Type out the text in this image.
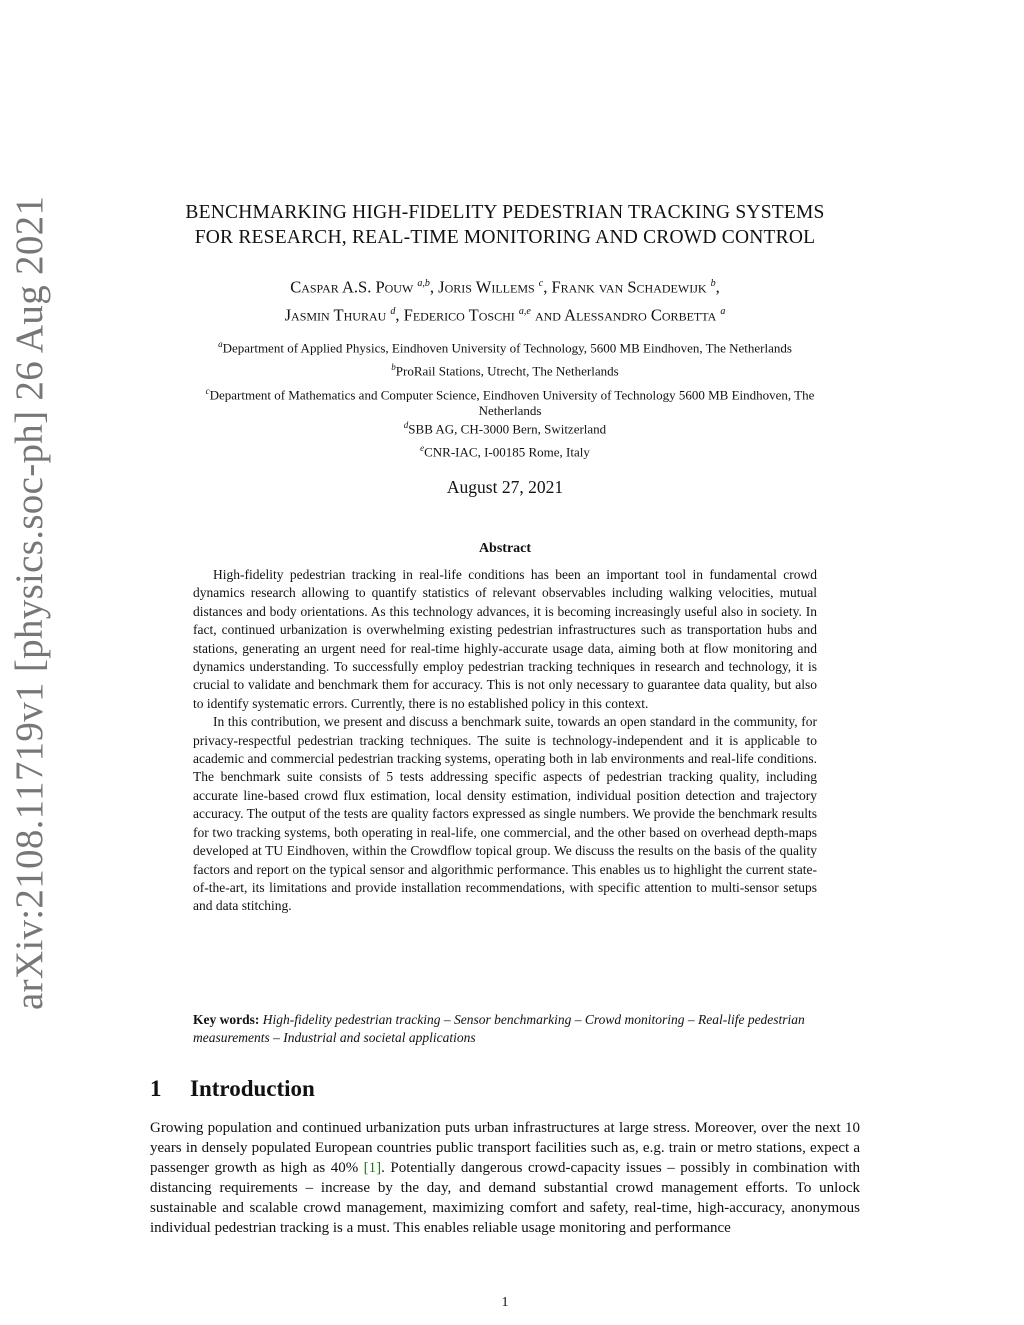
arXiv:2108.11719v1 [physics.soc-ph] 26 Aug 2021	BENCHMARKING HIGH-FIDELITY PEDESTRIAN TRACKING SYSTEMS
FOR RESEARCH, REAL-TIME MONITORING AND CROWD CONTROL
Caspar A.S. Pouw $^{a,b}$, Joris Willems $^c$, Frank van Schadewijk $^b$,
Jasmin Thurau $^d$, Federico Toschi $^{a,e}$ and Alessandro Corbetta $^a$
$^a$Department of Applied Physics, Eindhoven University of Technology, 5600 MB Eindhoven, The Netherlands
$^b$ProRail Stations, Utrecht, The Netherlands
$^c$Department of Mathematics and Computer Science, Eindhoven University of Technology 5600 MB Eindhoven, The Netherlands
$^d$SBB AG, CH-3000 Bern, Switzerland
$^e$CNR-IAC, I-00185 Rome, Italy
August 27, 2021
Abstract

High-fidelity pedestrian tracking in real-life conditions has been an important tool in fundamental crowd dynamics research allowing to quantify statistics of relevant observables including walking velocities, mutual distances and body orientations. As this technology advances, it is becoming increasingly useful also in society. In fact, continued urbanization is overwhelming existing pedestrian infrastructures such as transportation hubs and stations, generating an urgent need for real-time highly-accurate usage data, aiming both at flow monitoring and dynamics understanding. To successfully employ pedestrian tracking techniques in research and technology, it is crucial to validate and benchmark them for accuracy. This is not only necessary to guarantee data quality, but also to identify systematic errors. Currently, there is no established policy in this context.

In this contribution, we present and discuss a benchmark suite, towards an open standard in the community, for privacy-respectful pedestrian tracking techniques. The suite is technology-independent and it is applicable to academic and commercial pedestrian tracking systems, operating both in lab environments and real-life conditions. The benchmark suite consists of 5 tests addressing specific aspects of pedestrian tracking quality, including accurate line-based crowd flux estimation, local density estimation, individual position detection and trajectory accuracy. The output of the tests are quality factors expressed as single numbers. We provide the benchmark results for two tracking systems, both operating in real-life, one commercial, and the other based on overhead depth-maps developed at TU Eindhoven, within the Crowdflow topical group. We discuss the results on the basis of the quality factors and report on the typical sensor and algorithmic performance. This enables us to highlight the current state-of-the-art, its limitations and provide installation recommendations, with specific attention to multi-sensor setups and data stitching.

Key words: High-fidelity pedestrian tracking – Sensor benchmarking – Crowd monitoring – Real-life pedestrian measurements – Industrial and societal applications
1 Introduction
Growing population and continued urbanization puts urban infrastructures at large stress. Moreover, over the next 10 years in densely populated European countries public transport facilities such as, e.g. train or metro stations, expect a passenger growth as high as 40% [1]. Potentially dangerous crowd-capacity issues – possibly in combination with distancing requirements – increase by the day, and demand substantial crowd management efforts. To unlock sustainable and scalable crowd management, maximizing comfort and safety, real-time, high-accuracy, anonymous individual pedestrian tracking is a must. This enables reliable usage monitoring and performance
1
